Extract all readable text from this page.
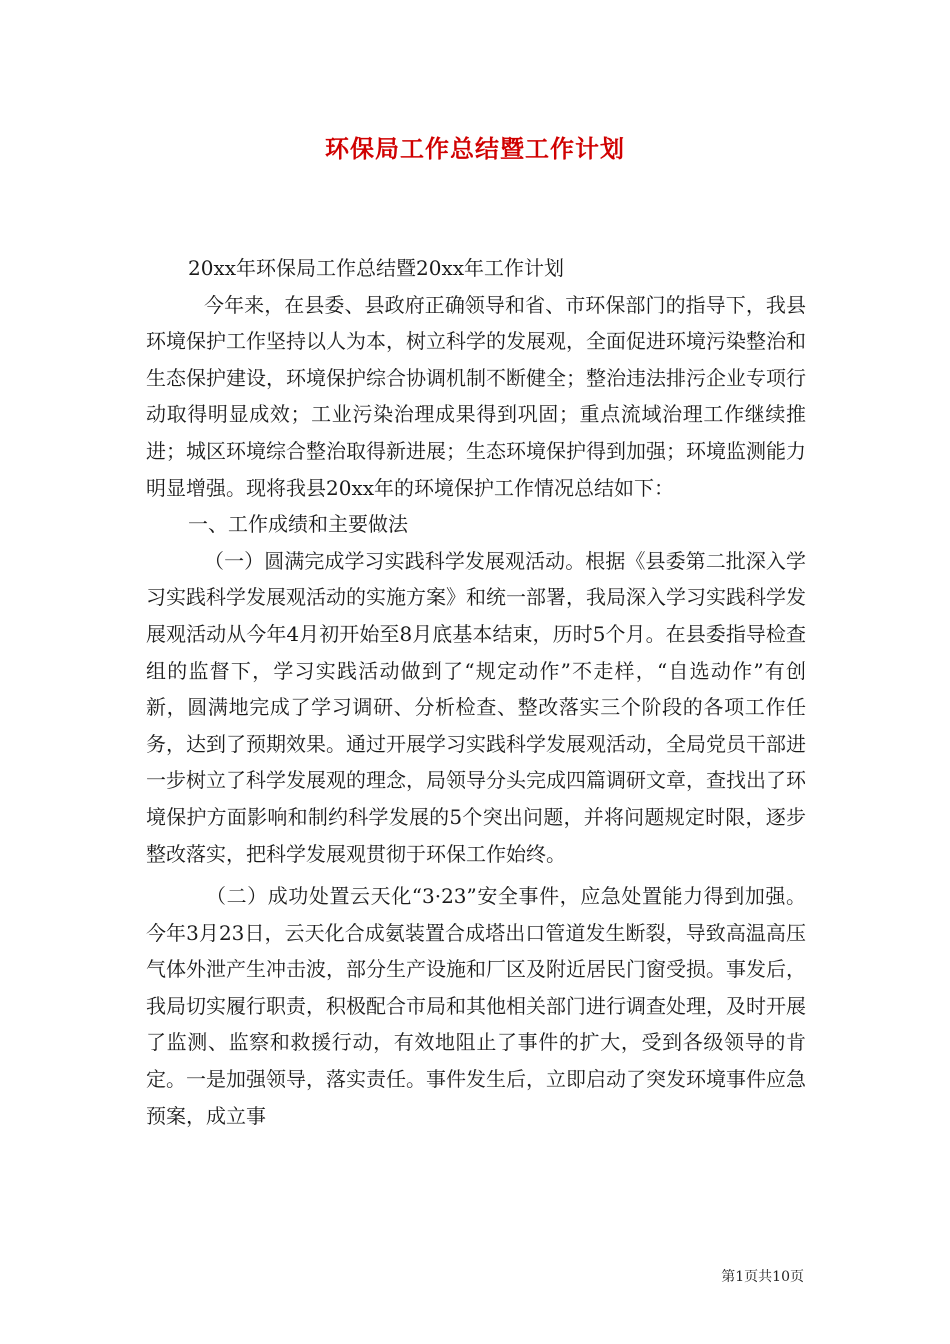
环保局工作总结暨工作计划

20xx年环保局工作总结暨20xx年工作计划

今年来，在县委、县政府正确领导和省、市环保部门的指导下，我县环境保护工作坚持以人为本，树立科学的发展观，全面促进环境污染整治和生态保护建设，环境保护综合协调机制不断健全；整治违法排污企业专项行动取得明显成效；工业污染治理成果得到巩固；重点流域治理工作继续推进；城区环境综合整治取得新进展；生态环境保护得到加强；环境监测能力明显增强。现将我县20xx年的环境保护工作情况总结如下：

一、工作成绩和主要做法

（一）圆满完成学习实践科学发展观活动。根据《县委第二批深入学习实践科学发展观活动的实施方案》和统一部署，我局深入学习实践科学发展观活动从今年4月初开始至8月底基本结束，历时5个月。在县委指导检查组的监督下，学习实践活动做到了“规定动作”不走样，“自选动作”有创新，圆满地完成了学习调研、分析检查、整改落实三个阶段的各项工作任务，达到了预期效果。通过开展学习实践科学发展观活动，全局党员干部进一步树立了科学发展观的理念，局领导分头完成四篇调研文章，查找出了环境保护方面影响和制约科学发展的5个突出问题，并将问题规定时限，逐步整改落实，把科学发展观贯彻于环保工作始终。

（二）成功处置云天化“3·23”安全事件，应急处置能力得到加强。今年3月23日，云天化合成氨装置合成塔出口管道发生断裂，导致高温高压气体外泄产生冲击波，部分生产设施和厂区及附近居民门窗受损。事发后，我局切实履行职责，积极配合市局和其他相关部门进行调查处理，及时开展了监测、监察和救援行动，有效地阻止了事件的扩大，受到各级领导的肯定。一是加强领导，落实责任。事件发生后，立即启动了突发环境事件应急预案，成立事

第1页共10页
